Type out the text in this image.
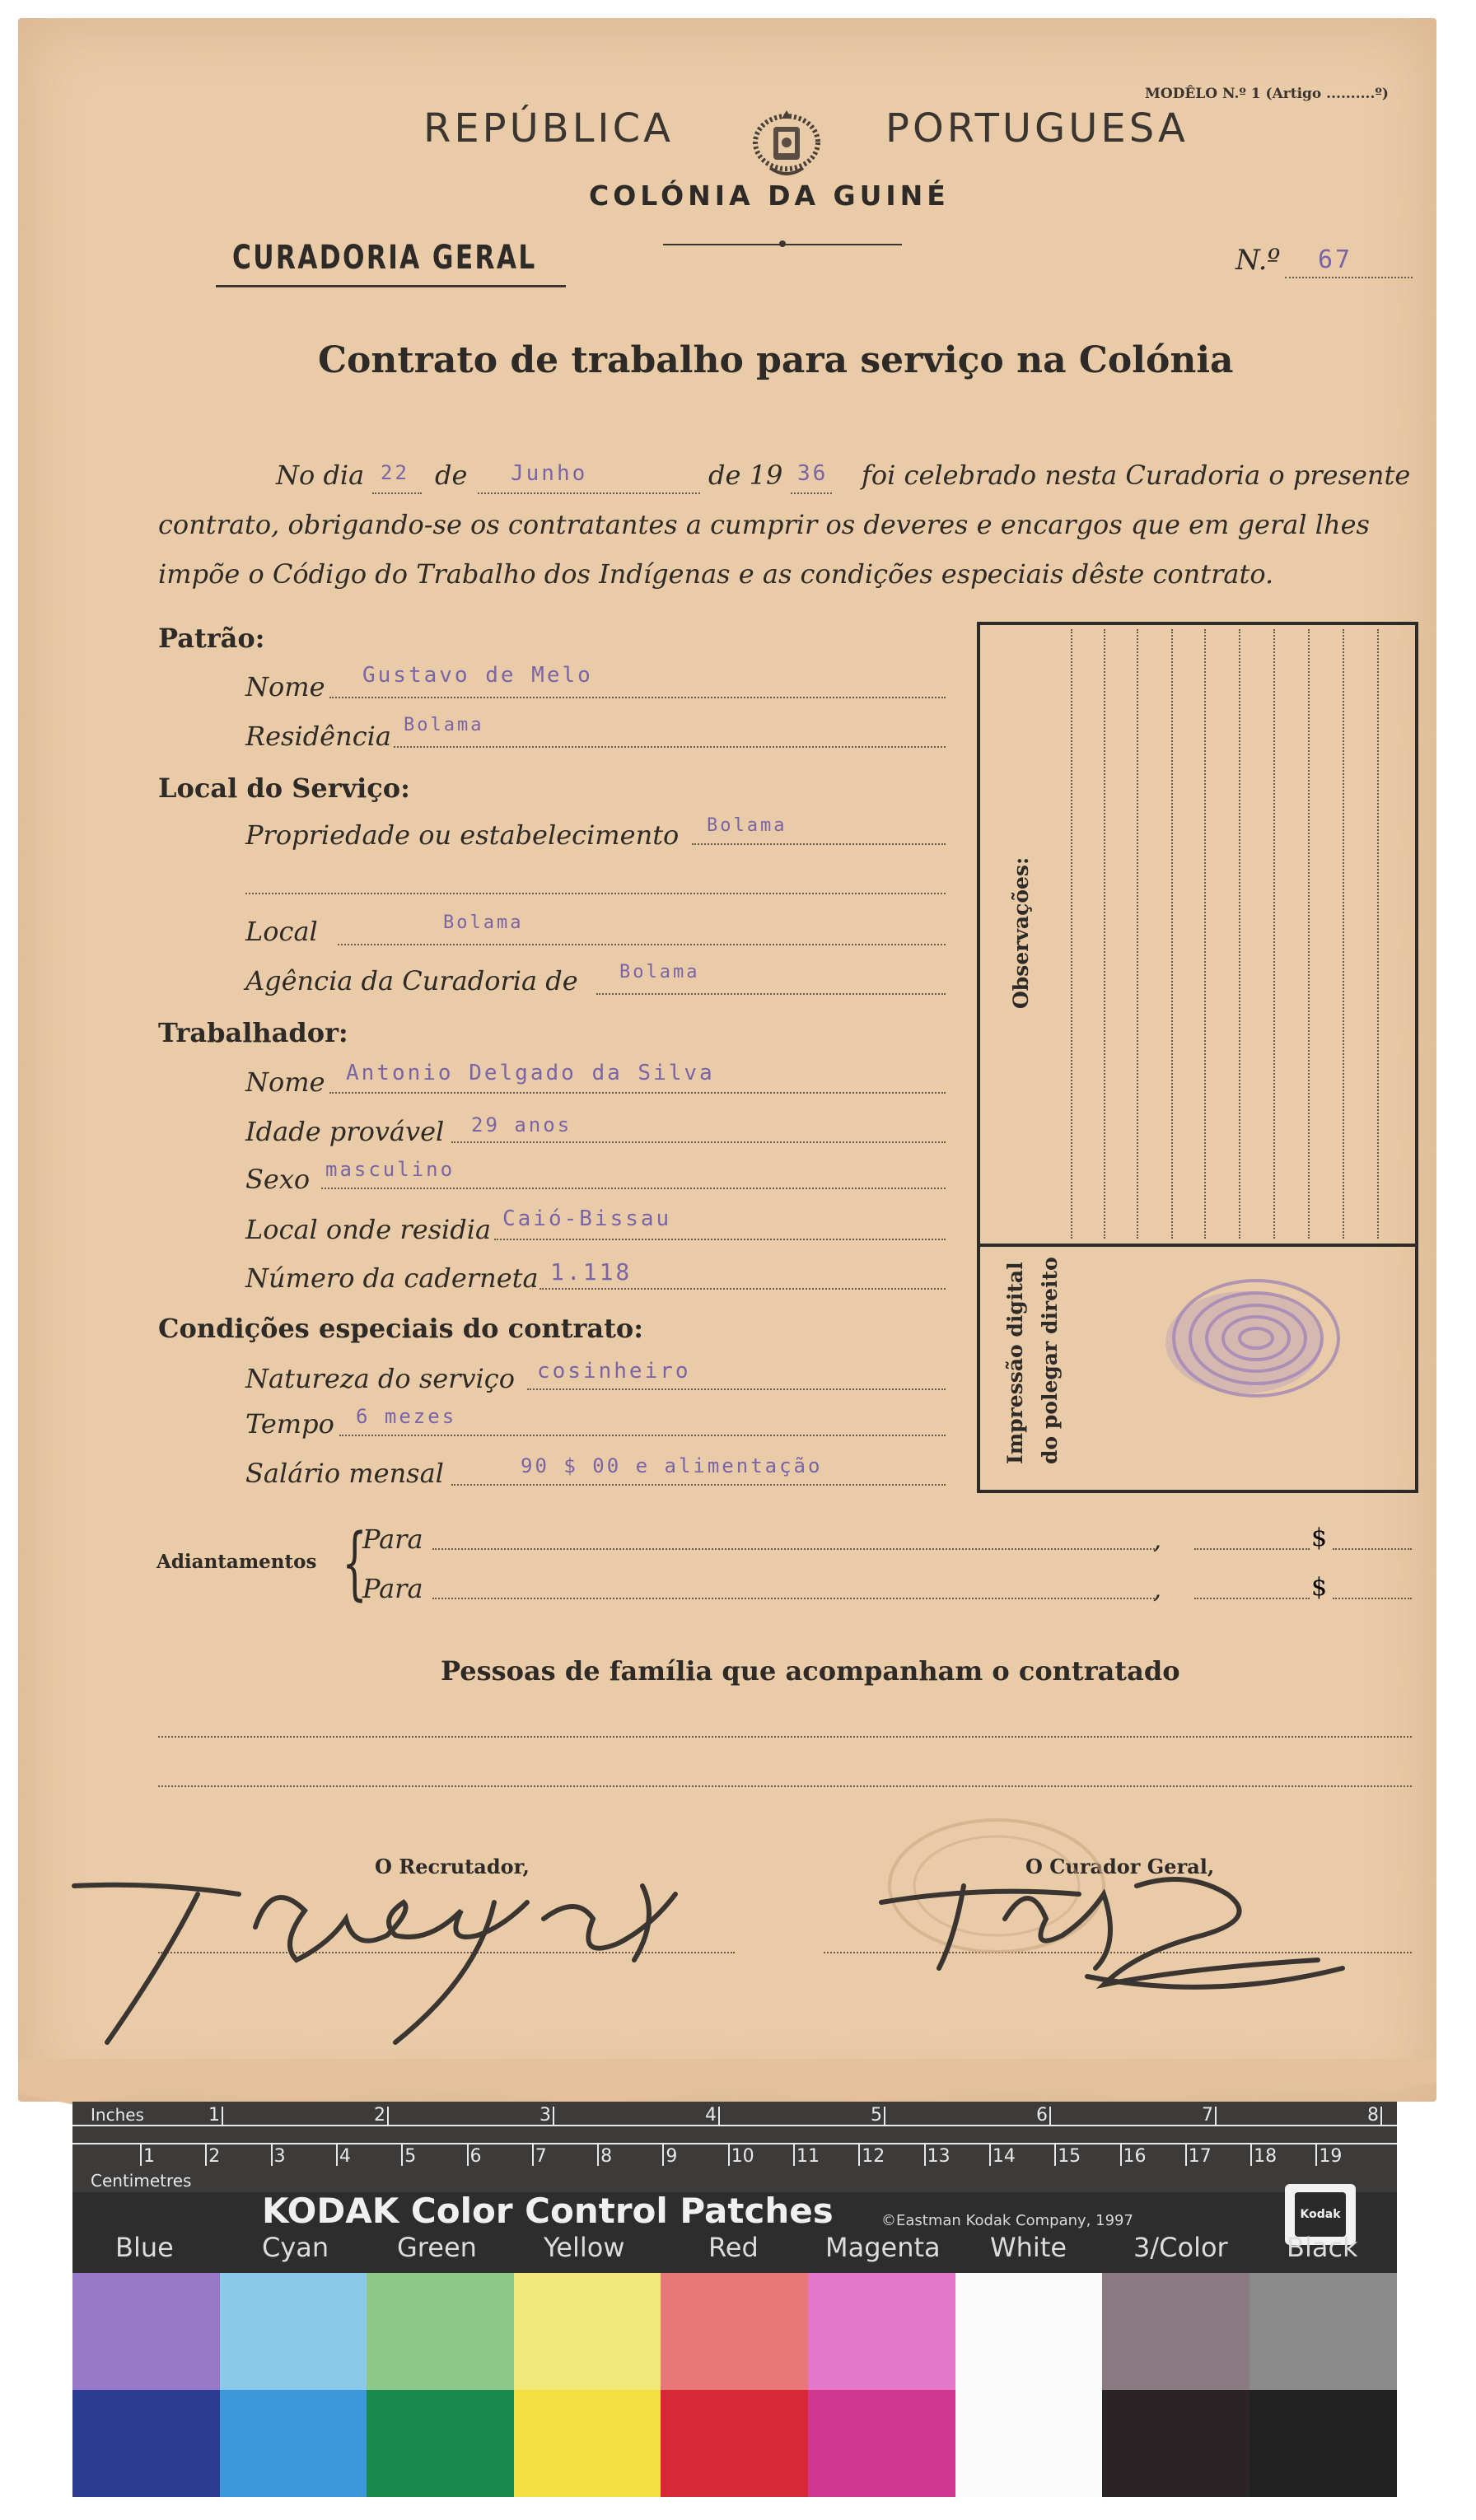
REPÚBLICA	PORTUGUESA
MODÊLO N.º 1 (Artigo ..........º)
COLÓNIA DA GUINÉ
CURADORIA GERAL	N.º 67
Contrato de trabalho para serviço na Colónia
No dia 22 de Junho	de 19 36 foi celebrado nesta Curadoria o presente
contrato, obrigando-se os contratantes a cumprir os deveres e encargos que em geral lhes
impõe o Código do Trabalho dos Indígenas e as condições especiais dêste contrato.
Patrão:
Nome Gustavo de Melo
Residência Bolama
Local do Serviço:
Propriedade ou estabelecimento Bolama
Local	Bolama
Agência da Curadoria de Bolama
Trabalhador:
Nome Antonio Delgado da Silva
Idade provável 29 anos
Sexo masculino
Local onde residia Caió-Bissau
Número da caderneta 1.118
Condições especiais do contrato:
Natureza do serviço cosinheiro
Tempo 6 mezes
Salário mensal	90 $ 00 e alimentação
Observações:
Impressão digital do polegar direito
Adiantamentos {
Para	,	$
Para	,	$
Pessoas de família que acompanham o contratado
O Recrutador,	O Curador Geral,
Inches
Centimetres
1	2	3	4	5	6	7	8
1	2	3	4	5	6	7	8	9	10 11 12 13 14 15 16 17 18 19
KODAK Color Control Patches	©Eastman Kodak Company, 1997	Kodak
Blue	Cyan	Green	Yellow	Red	Magenta White	3/Color Black
